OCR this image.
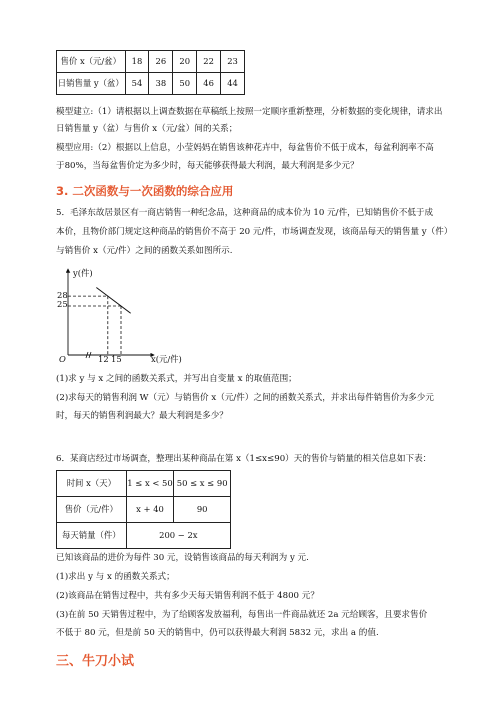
售价 x（元/盆）	18	26	20	22	23
日销售量 y（盆）	54	38	50	46	44
模型建立:（1）请根据以上调查数据在草稿纸上按照一定顺序重新整理，分析数据的变化规律，请求出
日销售量 y（盆）与售价 x（元/盆）间的关系；
模型应用:（2）根据以上信息，小莹妈妈在销售该种花卉中，每盆售价不低于成本，每盆利润率不高
于80%，当每盆售价定为多少时，每天能够获得最大利润，最大利润是多少元？
3. 二次函数与一次函数的综合应用
5．毛泽东故居景区有一商店销售一种纪念品，这种商品的成本价为 10 元/件，已知销售价不低于成
本价，且物价部门规定这种商品的销售价不高于 20 元/件，市场调查发现，该商品每天的销售量 y（件）
与销售价 x（元/件）之间的函数关系如图所示.
y(件)
x(元/件)
O
28
25
12 15
(1)求 y 与 x 之间的函数关系式，并写出自变量 x 的取值范围；
(2)求每天的销售利润 W（元）与销售价 x（元/件）之间的函数关系式，并求出每件销售价为多少元
时，每天的销售利润最大？最大利润是多少？
6．某商店经过市场调查，整理出某种商品在第 x（1≤x≤90）天的售价与销量的相关信息如下表：
时间 x（天）	1 ≤ x < 50	50 ≤ x ≤ 90
售价（元/件）	x + 40	90
每天销量（件）	200 − 2x	
已知该商品的进价为每件 30 元，设销售该商品的每天利润为 y 元.
(1)求出 y 与 x 的函数关系式；
(2)该商品在销售过程中，共有多少天每天销售利润不低于 4800 元？
(3)在前 50 天销售过程中，为了给顾客发放福利，每售出一件商品就还 2a 元给顾客，且要求售价
不低于 80 元，但是前 50 天的销售中，仍可以获得最大利润 5832 元，求出 a 的值.
三、牛刀小试
